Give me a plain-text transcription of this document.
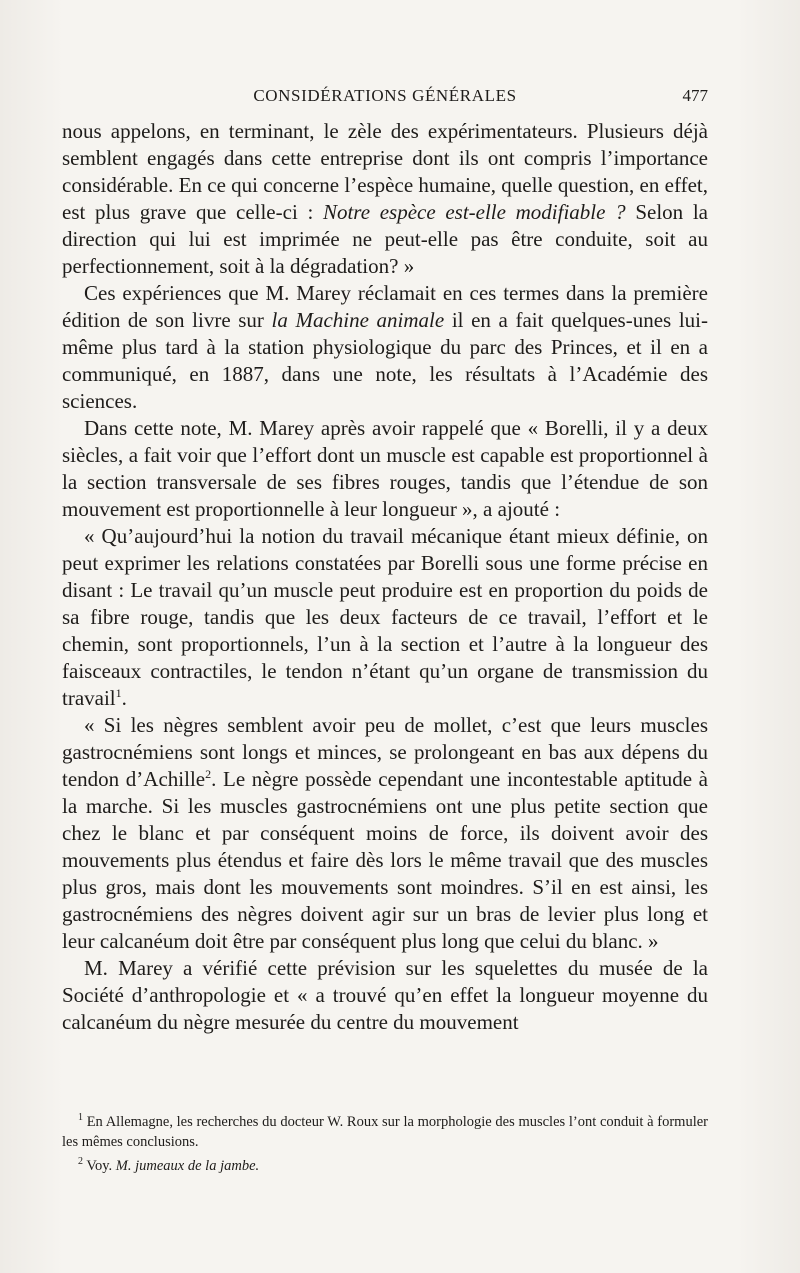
CONSIDÉRATIONS GÉNÉRALES	477

nous appelons, en terminant, le zèle des expérimentateurs. Plusieurs déjà semblent engagés dans cette entreprise dont ils ont compris l’importance considérable. En ce qui concerne l’espèce humaine, quelle question, en effet, est plus grave que celle-ci : Notre espèce est-elle modifiable ? Selon la direction qui lui est imprimée ne peut-elle pas être conduite, soit au perfectionnement, soit à la dégradation? »

Ces expériences que M. Marey réclamait en ces termes dans la première édition de son livre sur la Machine animale il en a fait quelques-unes lui-même plus tard à la station physiologique du parc des Princes, et il en a communiqué, en 1887, dans une note, les résultats à l’Académie des sciences.

Dans cette note, M. Marey après avoir rappelé que « Borelli, il y a deux siècles, a fait voir que l’effort dont un muscle est capable est proportionnel à la section transversale de ses fibres rouges, tandis que l’étendue de son mouvement est proportionnelle à leur longueur », a ajouté :

« Qu’aujourd’hui la notion du travail mécanique étant mieux définie, on peut exprimer les relations constatées par Borelli sous une forme précise en disant : Le travail qu’un muscle peut produire est en proportion du poids de sa fibre rouge, tandis que les deux facteurs de ce travail, l’effort et le chemin, sont proportionnels, l’un à la section et l’autre à la longueur des faisceaux contractiles, le tendon n’étant qu’un organe de transmission du travail$^1$.

« Si les nègres semblent avoir peu de mollet, c’est que leurs muscles gastrocnémiens sont longs et minces, se prolongeant en bas aux dépens du tendon d’Achille$^2$. Le nègre possède cependant une incontestable aptitude à la marche. Si les muscles gastrocnémiens ont une plus petite section que chez le blanc et par conséquent moins de force, ils doivent avoir des mouvements plus étendus et faire dès lors le même travail que des muscles plus gros, mais dont les mouvements sont moindres. S’il en est ainsi, les gastrocnémiens des nègres doivent agir sur un bras de levier plus long et leur calcanéum doit être par conséquent plus long que celui du blanc. »

M. Marey a vérifié cette prévision sur les squelettes du musée de la Société d’anthropologie et « a trouvé qu’en effet la longueur moyenne du calcanéum du nègre mesurée du centre du mouvement

$^1$ En Allemagne, les recherches du docteur W. Roux sur la morphologie des muscles l’ont conduit à formuler les mêmes conclusions.

$^2$ Voy. M. jumeaux de la jambe.
